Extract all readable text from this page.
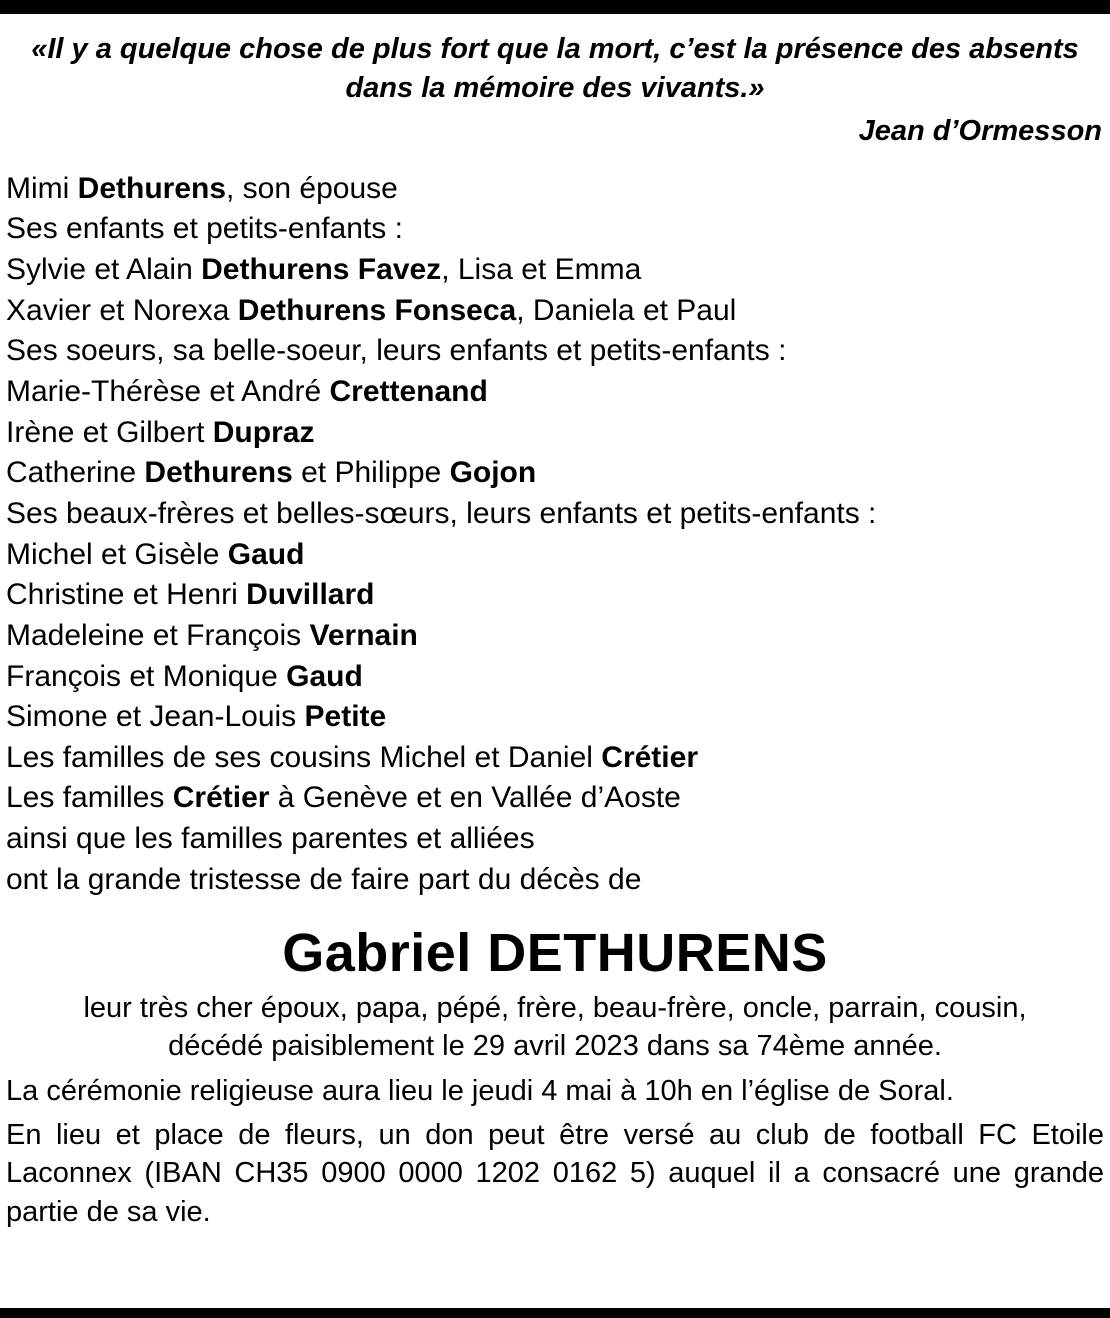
«Il y a quelque chose de plus fort que la mort, c’est la présence des absents dans la mémoire des vivants.»
Jean d’Ormesson
Mimi Dethurens, son épouse
Ses enfants et petits-enfants :
Sylvie et Alain Dethurens Favez, Lisa et Emma
Xavier et Norexa Dethurens Fonseca, Daniela et Paul
Ses soeurs, sa belle-soeur, leurs enfants et petits-enfants :
Marie-Thérèse et André Crettenand
Irène et Gilbert Dupraz
Catherine Dethurens et Philippe Gojon
Ses beaux-frères et belles-sœurs, leurs enfants et petits-enfants :
Michel et Gisèle Gaud
Christine et Henri Duvillard
Madeleine et François Vernain
François et Monique Gaud
Simone et Jean-Louis Petite
Les familles de ses cousins Michel et Daniel Crétier
Les familles Crétier à Genève et en Vallée d’Aoste
ainsi que les familles parentes et alliées
ont la grande tristesse de faire part du décès de
Gabriel DETHURENS
leur très cher époux, papa, pépé, frère, beau-frère, oncle, parrain, cousin,
décédé paisiblement le 29 avril 2023 dans sa 74ème année.
La cérémonie religieuse aura lieu le jeudi 4 mai à 10h en l’église de Soral.
En lieu et place de fleurs, un don peut être versé au club de football FC Etoile Laconnex (IBAN CH35 0900 0000 1202 0162 5) auquel il a consacré une grande partie de sa vie.
